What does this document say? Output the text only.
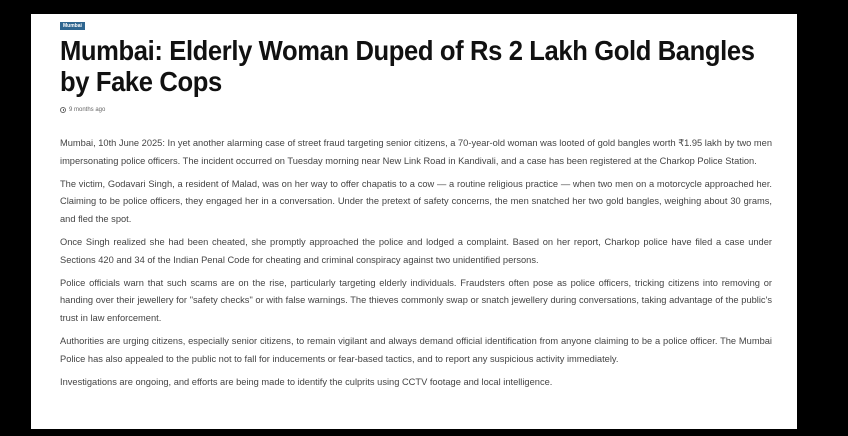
Mumbai
Mumbai: Elderly Woman Duped of Rs 2 Lakh Gold Bangles by Fake Cops
9 months ago

Mumbai, 10th June 2025: In yet another alarming case of street fraud targeting senior citizens, a 70-year-old woman was looted of gold bangles worth ₹1.95 lakh by two men impersonating police officers. The incident occurred on Tuesday morning near New Link Road in Kandivali, and a case has been registered at the Charkop Police Station.

The victim, Godavari Singh, a resident of Malad, was on her way to offer chapatis to a cow — a routine religious practice — when two men on a motorcycle approached her. Claiming to be police officers, they engaged her in a conversation. Under the pretext of safety concerns, the men snatched her two gold bangles, weighing about 30 grams, and fled the spot.

Once Singh realized she had been cheated, she promptly approached the police and lodged a complaint. Based on her report, Charkop police have filed a case under Sections 420 and 34 of the Indian Penal Code for cheating and criminal conspiracy against two unidentified persons.

Police officials warn that such scams are on the rise, particularly targeting elderly individuals. Fraudsters often pose as police officers, tricking citizens into removing or handing over their jewellery for "safety checks" or with false warnings. The thieves commonly swap or snatch jewellery during conversations, taking advantage of the public's trust in law enforcement.

Authorities are urging citizens, especially senior citizens, to remain vigilant and always demand official identification from anyone claiming to be a police officer. The Mumbai Police has also appealed to the public not to fall for inducements or fear-based tactics, and to report any suspicious activity immediately.

Investigations are ongoing, and efforts are being made to identify the culprits using CCTV footage and local intelligence.
